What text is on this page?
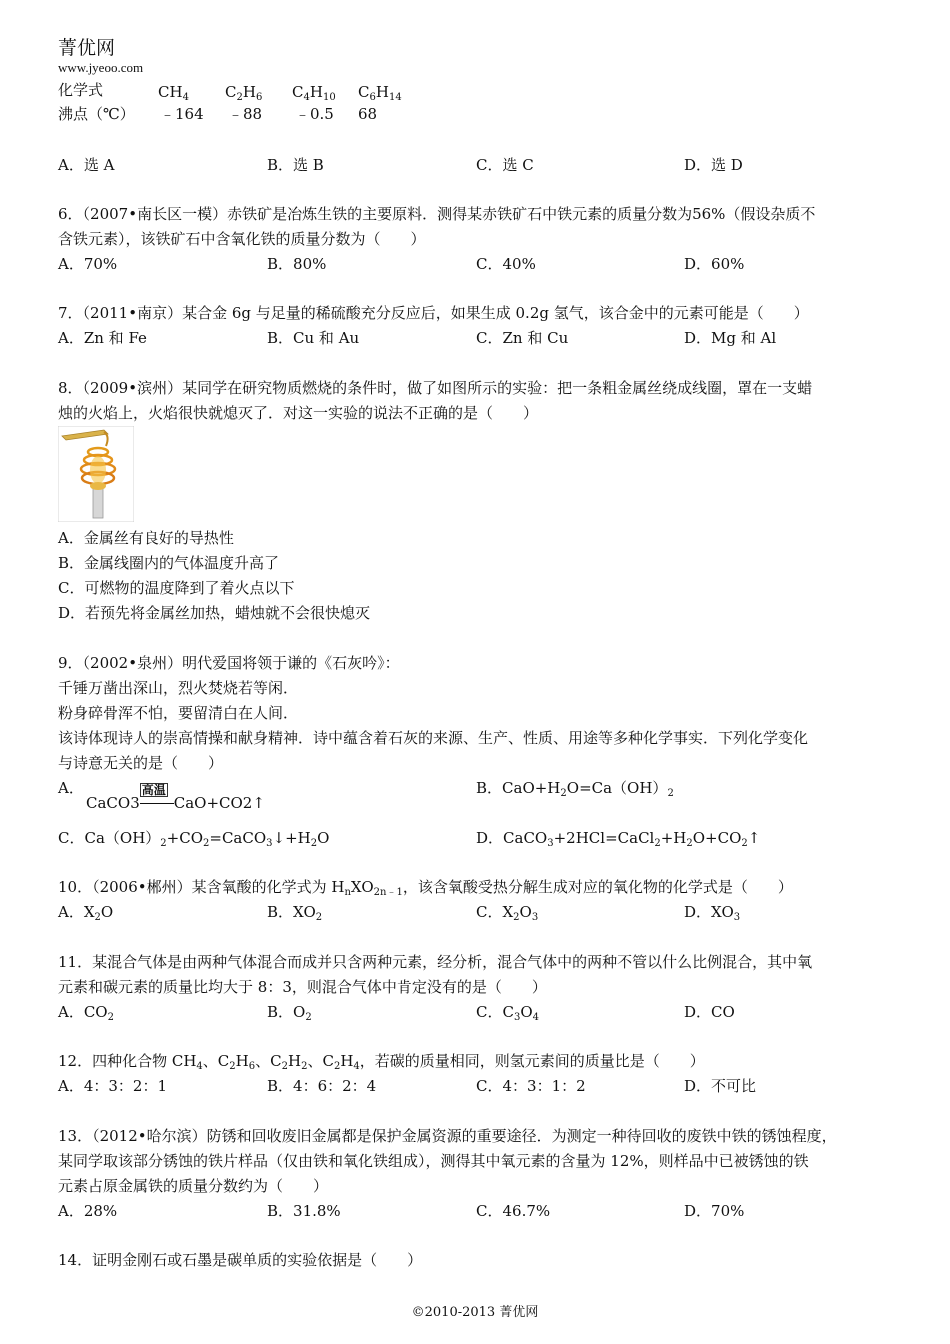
菁优网
www.jyeoo.com
化学式	$CH_4$ $C_2H_6$ $C_4H_{10}$ $C_6H_{14}$
沸点（℃） ﹣164 ﹣88 ﹣0.5 68
A．选 A	B．选 B	C．选 C	D．选 D
6．（2007•南长区一模）赤铁矿是冶炼生铁的主要原料．测得某赤铁矿石中铁元素的质量分数为56%（假设杂质不
含铁元素），该铁矿石中含氧化铁的质量分数为（　　）
A．70%	B．80%	C．40%	D．60%
7．（2011•南京）某合金 6g 与足量的稀硫酸充分反应后，如果生成 0.2g 氢气，该合金中的元素可能是（　　）
A．Zn 和 Fe	B．Cu 和 Au	C．Zn 和 Cu	D．Mg 和 Al
8．（2009•滨州）某同学在研究物质燃烧的条件时，做了如图所示的实验：把一条粗金属丝绕成线圈，罩在一支蜡
烛的火焰上，火焰很快就熄灭了．对这一实验的说法不正确的是（　　）
A．金属丝有良好的导热性
B．金属线圈内的气体温度升高了
C．可燃物的温度降到了着火点以下
D．若预先将金属丝加热，蜡烛就不会很快熄灭
9．（2002•泉州）明代爱国将领于谦的《石灰吟》：
千锤万凿出深山，烈火焚烧若等闲．
粉身碎骨浑不怕，要留清白在人间．
该诗体现诗人的崇高情操和献身精神．诗中蕴含着石灰的来源、生产、性质、用途等多种化学事实．下列化学变化
与诗意无关的是（　　）
A．
CaCO3
高温
CaO+CO2↑
B．$CaO+H_2O=Ca(OH)_2$
C．$Ca(OH)_2+CO_2=CaCO_3↓+H_2O$	D．$CaCO_3+2HCl=CaCl_2+H_2O+CO_2↑$
10．（2006•郴州）某含氧酸的化学式为 $H_nXO_{2n﹣1}$，该含氧酸受热分解生成对应的氧化物的化学式是（　　）
A．$X_2O$	B．$XO_2$	C．$X_2O_3$	D．$XO_3$
11．某混合气体是由两种气体混合而成并只含两种元素，经分析，混合气体中的两种不管以什么比例混合，其中氧
元素和碳元素的质量比均大于 8：3，则混合气体中肯定没有的是（　　）
A．$CO_2$	B．$O_2$	C．$C_3O_4$	D．CO
12．四种化合物 $CH_4$、$C_2H_6$、$C_2H_2$、$C_2H_4$，若碳的质量相同，则氢元素间的质量比是（　　）
A．4：3：2：1	B．4：6：2：4	C．4：3：1：2	D．不可比
13．（2012•哈尔滨）防锈和回收废旧金属都是保护金属资源的重要途径．为测定一种待回收的废铁中铁的锈蚀程度，
某同学取该部分锈蚀的铁片样品（仅由铁和氧化铁组成），测得其中氧元素的含量为 12%，则样品中已被锈蚀的铁
元素占原金属铁的质量分数约为（　　）
A．28%	B．31.8%	C．46.7%	D．70%
14．证明金刚石或石墨是碳单质的实验依据是（　　）
©2010-2013 菁优网
